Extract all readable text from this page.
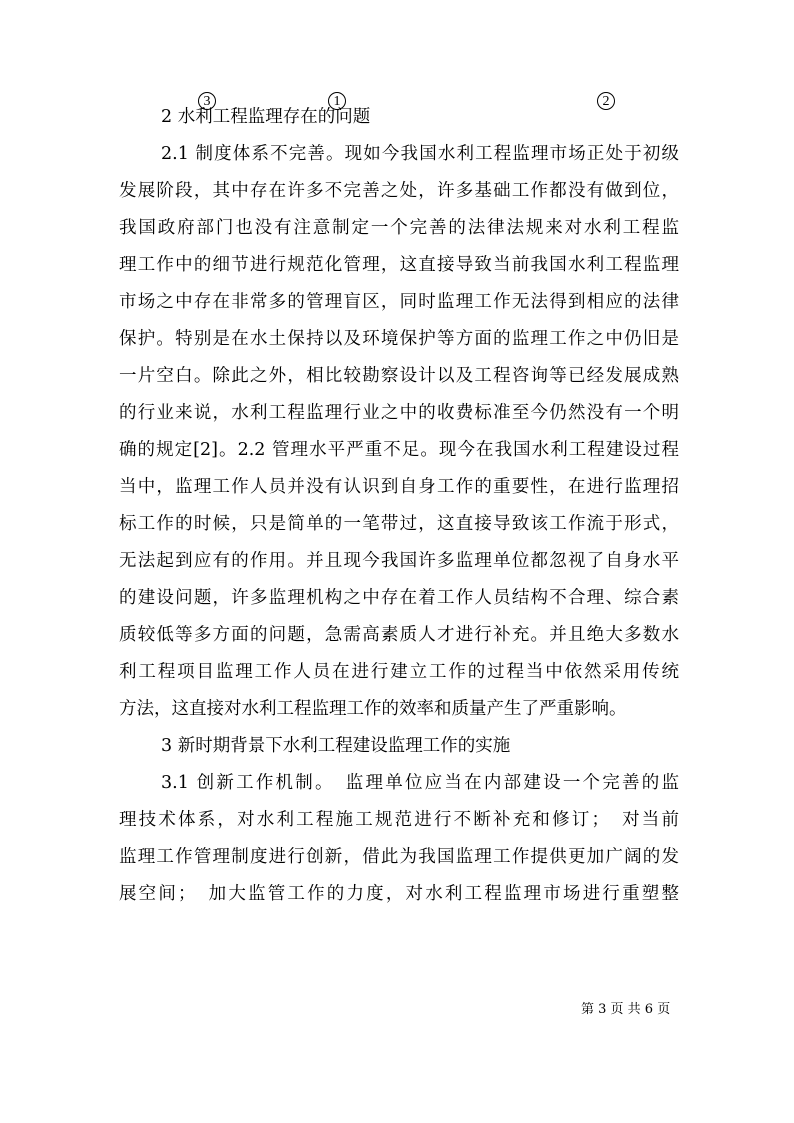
3	1	2

2 水利工程监理存在的问题

2.1 制度体系不完善。现如今我国水利工程监理市场正处于初级
发展阶段，其中存在许多不完善之处，许多基础工作都没有做到位，
我国政府部门也没有注意制定一个完善的法律法规来对水利工程监
理工作中的细节进行规范化管理，这直接导致当前我国水利工程监理
市场之中存在非常多的管理盲区，同时监理工作无法得到相应的法律
保护。特别是在水土保持以及环境保护等方面的监理工作之中仍旧是
一片空白。除此之外，相比较勘察设计以及工程咨询等已经发展成熟
的行业来说，水利工程监理行业之中的收费标准至今仍然没有一个明
确的规定[2]。2.2 管理水平严重不足。现今在我国水利工程建设过程
当中，监理工作人员并没有认识到自身工作的重要性，在进行监理招
标工作的时候，只是简单的一笔带过，这直接导致该工作流于形式，
无法起到应有的作用。并且现今我国许多监理单位都忽视了自身水平
的建设问题，许多监理机构之中存在着工作人员结构不合理、综合素
质较低等多方面的问题，急需高素质人才进行补充。并且绝大多数水
利工程项目监理工作人员在进行建立工作的过程当中依然采用传统
方法，这直接对水利工程监理工作的效率和质量产生了严重影响。

3 新时期背景下水利工程建设监理工作的实施

3.1 创新工作机制。　监理单位应当在内部建设一个完善的监
理技术体系，对水利工程施工规范进行不断补充和修订；　对当前
监理工作管理制度进行创新，借此为我国监理工作提供更加广阔的发
展空间；　加大监管工作的力度，对水利工程监理市场进行重塑整

第 3 页 共 6 页
